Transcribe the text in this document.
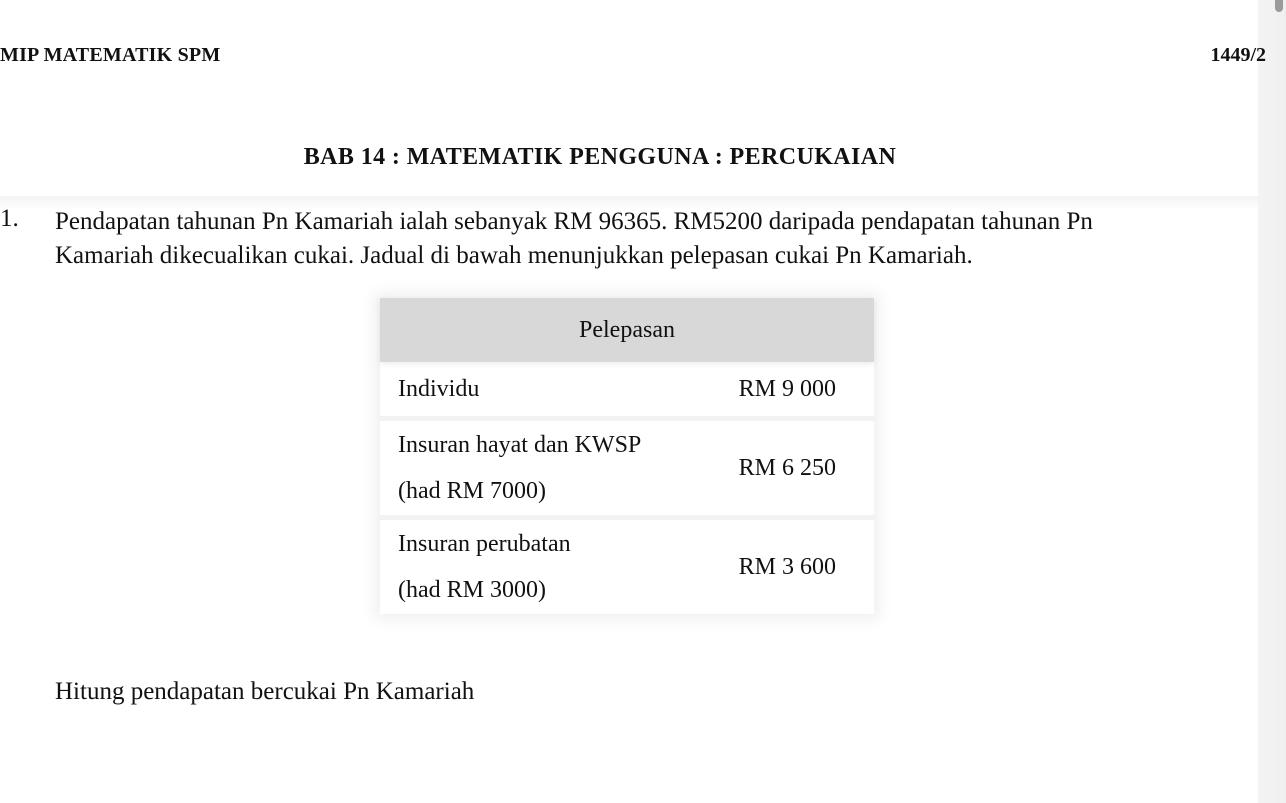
MIP MATEMATIK SPM	1449/2
BAB 14 : MATEMATIK PENGGUNA : PERCUKAIAN
1. Pendapatan tahunan Pn Kamariah ialah sebanyak RM 96365. RM5200 daripada pendapatan tahunan Pn
Kamariah dikecualikan cukai. Jadual di bawah menunjukkan pelepasan cukai Pn Kamariah.
Pelepasan	
Individu	RM 9 000

Insuran hayat dan KWSP
(had RM 7000)	RM 6 250

Insuran perubatan
(had RM 3000)	RM 3 600
Hitung pendapatan bercukai Pn Kamariah
